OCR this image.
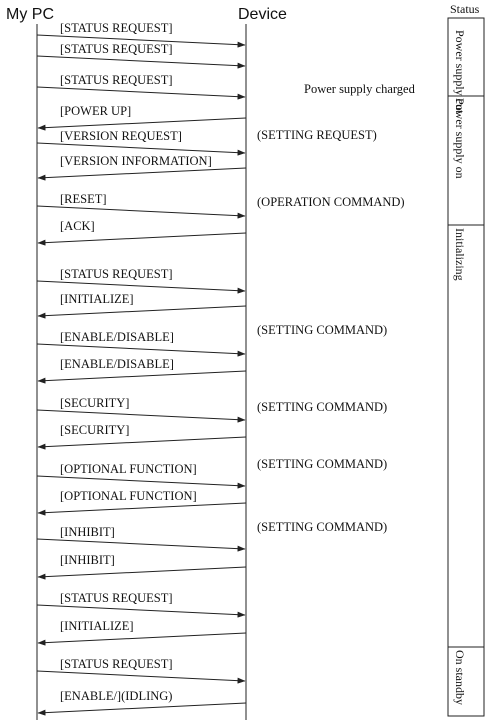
My PC	Device	Status
Power supply cut
Power supply on
Initializing
On standby
[STATUS REQUEST]
[STATUS REQUEST]
[STATUS REQUEST]
[POWER UP]
[VERSION REQUEST]
[VERSION INFORMATION]
[RESET]
[ACK]
[STATUS REQUEST]
[INITIALIZE]
[ENABLE/DISABLE]
[ENABLE/DISABLE]
[SECURITY]
[SECURITY]
[OPTIONAL FUNCTION]
[OPTIONAL FUNCTION]
[INHIBIT]
[INHIBIT]
[STATUS REQUEST]
[INITIALIZE]
[STATUS REQUEST]
[ENABLE/](IDLING)
Power supply charged
(SETTING REQUEST)
(OPERATION COMMAND)
(SETTING COMMAND)
(SETTING COMMAND)
(SETTING COMMAND)
(SETTING COMMAND)
